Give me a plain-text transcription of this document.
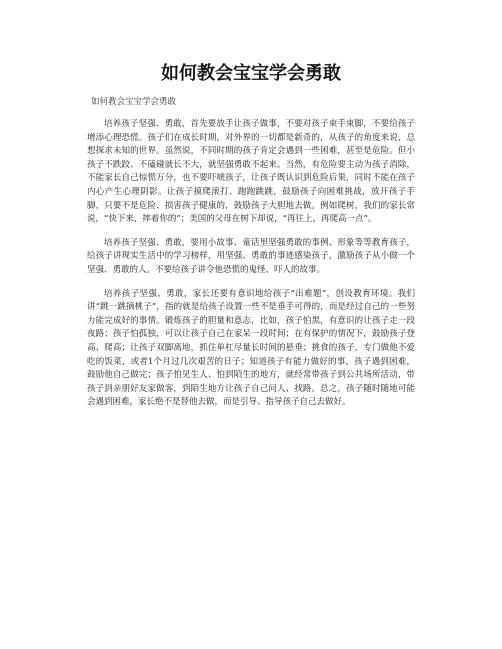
如何教会宝宝学会勇敢

如何教会宝宝学会勇敢

培养孩子坚强、勇敢，首先要放手让孩子做事，不要对孩子束手束脚，不要给孩子增添心理恐慌。孩子们在成长时期，对外界的一切都是新奇的，从孩子的角度来说，总想探求未知的世界。虽然说，不同时期的孩子肯定会遇到一些困难，甚至是危险。但小孩子不跌跤、不磕碰就长不大，就坚强勇敢不起来。当然，有危险要主动为孩子消除，不能家长自己惊慌万分，也不要吓唬孩子，让孩子既认识到危险后果，同时不能在孩子内心产生心理阴影。让孩子摸爬滚打、跑跑跳跳，鼓励孩子向困难挑战，放开孩子手脚，只要不是危险、损害孩子健康的，鼓励孩子大胆地去做。例如爬树，我们的家长常说，“快下来，摔着你的”；美国的父母在树下却说，“再往上，再爬高一点”。

培养孩子坚强、勇敢，要用小故事、童话里坚强勇敢的事例、形象等等教育孩子，给孩子讲现实生活中的学习榜样，用坚强、勇敢的事迹感染孩子，激励孩子从小做一个坚强、勇敢的人。不要给孩子讲令他恐慌的鬼怪、吓人的故事。

培养孩子坚强、勇敢，家长还要有意识地给孩子“出难题”，创设教育环境。我们讲“跳一跳摘桃子”，指的就是给孩子设置一些不是垂手可得的，而是经过自己的一些努力能完成好的事情。锻炼孩子的胆量和意志，比如，孩子怕黑，有意识的让孩子走一段夜路；孩子怕孤独，可以让孩子自己在家呆一段时间；在有保护的情况下，鼓励孩子登高、爬高；让孩子双脚离地，抓住单杠尽量长时间的悬垂；挑食的孩子，专门做他不爱吃的饭菜，或者1个月过几次艰苦的日子；知道孩子有能力做好的事，孩子遇到困难，鼓励他自己做完；孩子怕见生人、怕到陌生的地方，就经常带孩子到公共场所活动，带孩子到亲朋好友家做客，到陌生地方让孩子自己问人、找路。总之，孩子随时随地可能会遇到困难，家长绝不是替他去做，而是引导、指导孩子自己去做好。
